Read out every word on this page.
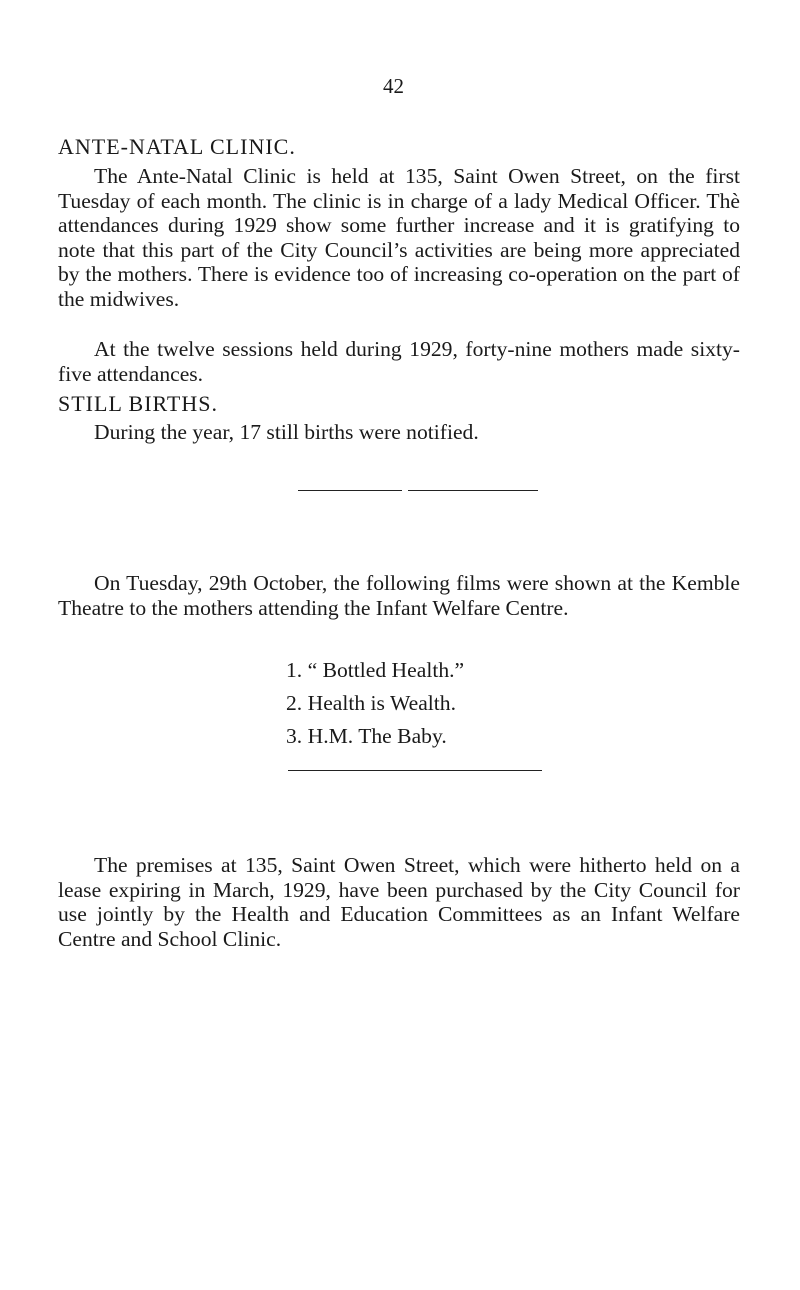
42

ANTE-NATAL CLINIC.

The Ante-Natal Clinic is held at 135, Saint Owen Street, on the first Tuesday of each month. The clinic is in charge of a lady Medical Officer. Thè attendances during 1929 show some further increase and it is gratifying to note that this part of the City Council’s activities are being more appreciated by the mothers. There is evidence too of increasing co-operation on the part of the midwives.

At the twelve sessions held during 1929, forty-nine mothers made sixty-five attendances.

STILL BIRTHS.

During the year, 17 still births were notified.

On Tuesday, 29th October, the following films were shown at the Kemble Theatre to the mothers attending the Infant Welfare Centre.

1. “ Bottled Health.”
2. Health is Wealth.
3. H.M. The Baby.

The premises at 135, Saint Owen Street, which were hitherto held on a lease expiring in March, 1929, have been purchased by the City Council for use jointly by the Health and Education Committees as an Infant Welfare Centre and School Clinic.
